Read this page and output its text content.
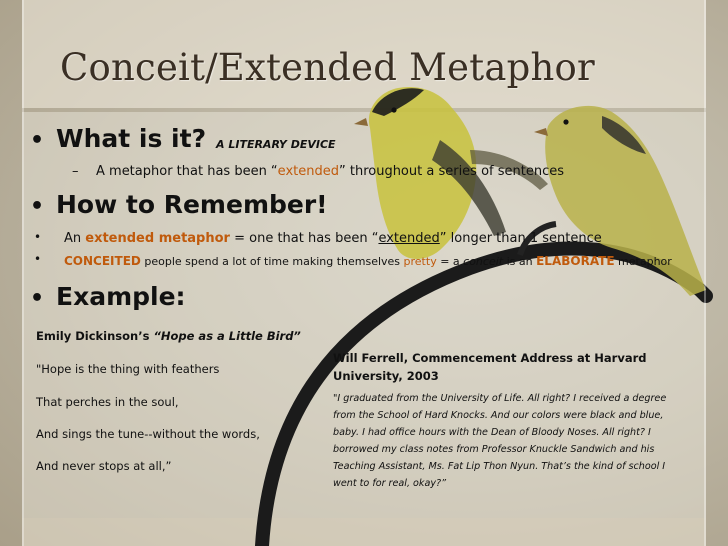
Conceit/Extended Metaphor
• What is it? A LITERARY DEVICE
– A metaphor that has been “extended” throughout a series of sentences
• How to Remember!
• An extended metaphor = one that has been “extended” longer than 1 sentence
• CONCEITED people spend a lot of time making themselves pretty = a conceit is an ELABORATE metaphor
• Example:
Emily Dickinson’s “Hope as a Little Bird”
"Hope is the thing with feathers
That perches in the soul,
And sings the tune--without the words,
And never stops at all,”
Will Ferrell, Commencement Address at Harvard
University, 2003
"I graduated from the University of Life. All right? I received a degree
from the School of Hard Knocks. And our colors were black and blue,
baby. I had office hours with the Dean of Bloody Noses. All right? I
borrowed my class notes from Professor Knuckle Sandwich and his
Teaching Assistant, Ms. Fat Lip Thon Nyun. That’s the kind of school I
went to for real, okay?”
